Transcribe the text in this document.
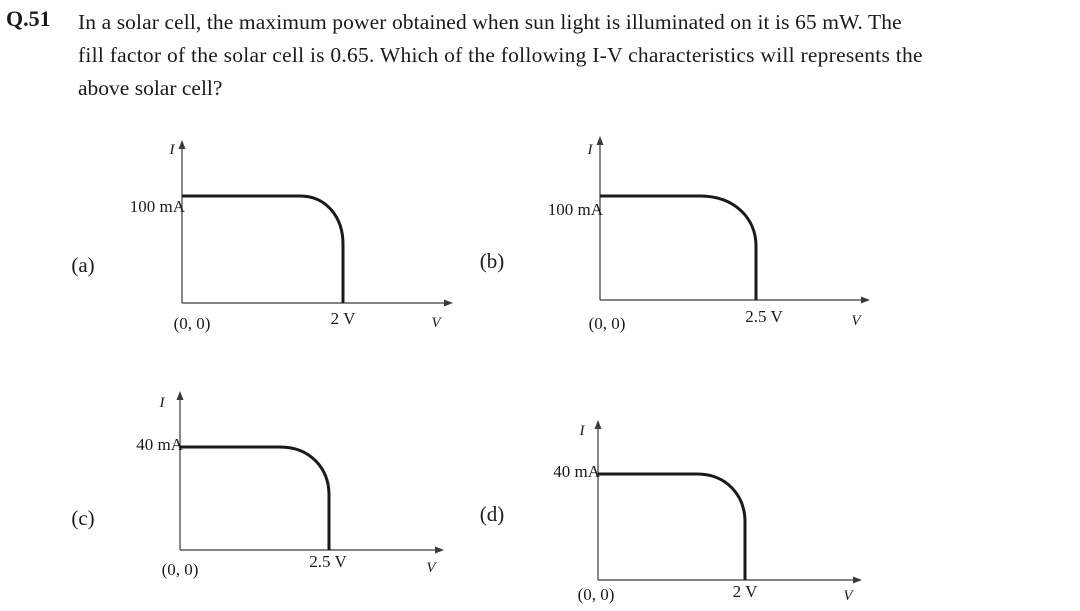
Q.51 In a solar cell, the maximum power obtained when sun light is illuminated on it is 65 mW. The
fill factor of the solar cell is 0.65. Which of the following I-V characteristics will represents the
above solar cell?
(a)
I
V
100 mA
2 V
(0, 0)
(b)
I
V
100 mA
2.5 V
(0, 0)
(c)
I
V
40 mA
2.5 V
(0, 0)
(d)
I
V
40 mA
2 V
(0, 0)
